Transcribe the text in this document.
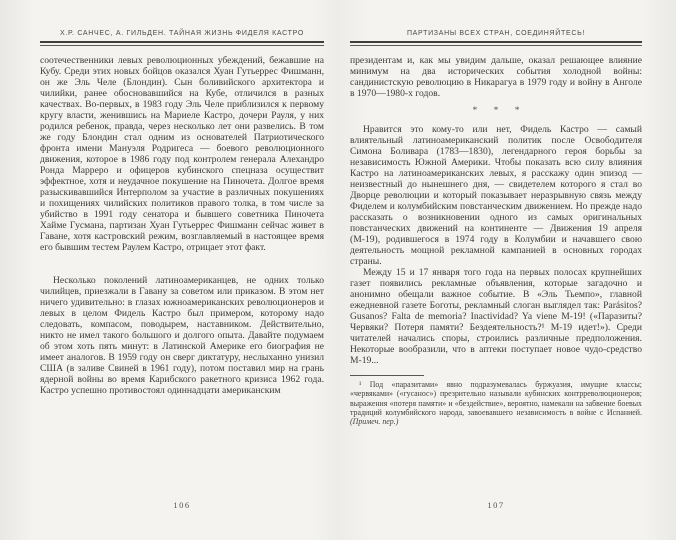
Х.Р. САНЧЕС, А. ГИЛЬДЕН. ТАЙНАЯ ЖИЗНЬ ФИДЕЛЯ КАСТРО

соотечественники левых революционных убеждений, бежавшие на Кубу. Среди этих новых бойцов оказался Хуан Гутьеррес Фишманн, он же Эль Челе (Блондин). Сын боливийского архитектора и чилийки, ранее обосновавшийся на Кубе, отличился в разных качествах. Во-первых, в 1983 году Эль Челе приблизился к первому кругу власти, женившись на Мариеле Кастро, дочери Рауля, у них родился ребенок, правда, через несколько лет они развелись. В том же году Блондин стал одним из основателей Патриотического фронта имени Мануэля Родригеса — боевого революционного движения, которое в 1986 году под контролем генерала Алехандро Ронда Марреро и офицеров кубинского спецназа осуществит эффектное, хотя и неудачное покушение на Пиночета. Долгое время разыскивавшийся Интерполом за участие в различных покушениях и похищениях чилийских политиков правого толка, в том числе за убийство в 1991 году сенатора и бывшего советника Пиночета Хайме Гусмана, партизан Хуан Гутьеррес Фишманн сейчас живет в Гаване, хотя кастровский режим, возглавляемый в настоящее время его бывшим тестем Раулем Кастро, отрицает этот факт.

Несколько поколений латиноамериканцев, не одних только чилийцев, приезжали в Гавану за советом или приказом. В этом нет ничего удивительно: в глазах южноамериканских революционеров и левых в целом Фидель Кастро был примером, которому надо следовать, компасом, поводырем, наставником. Действительно, никто не имел такого большого и долгого опыта. Давайте подумаем об этом хоть пять минут: в Латинской Америке его биография не имеет аналогов. В 1959 году он сверг диктатуру, неслыханно унизил США (в заливе Свиней в 1961 году), потом поставил мир на грань ядерной войны во время Карибского ракетного кризиса 1962 года. Кастро успешно противостоял одиннадцати американским

106
ПАРТИЗАНЫ ВСЕХ СТРАН, СОЕДИНЯЙТЕСЬ!

президентам и, как мы увидим дальше, оказал решающее влияние минимум на два исторических события холодной войны: сандинистскую революцию в Никарагуа в 1979 году и войну в Анголе в 1970—1980-х годов.

* * *

Нравится это кому-то или нет, Фидель Кастро — самый влиятельный латиноамериканский политик после Освободителя Симона Боливара (1783—1830), легендарного героя борьбы за независимость Южной Америки. Чтобы показать всю силу влияния Кастро на латиноамериканских левых, я расскажу один эпизод — неизвестный до нынешнего дня, — свидетелем которого я стал во Дворце революции и который показывает неразрывную связь между Фиделем и колумбийским повстанческим движением. Но прежде надо рассказать о возникновении одного из самых оригинальных повстанческих движений на континенте — Движения 19 апреля (М-19), родившегося в 1974 году в Колумбии и начавшего свою деятельность мощной рекламной кампанией в основных городах страны.

Между 15 и 17 января того года на первых полосах крупнейших газет появились рекламные объявления, которые загадочно и анонимно обещали важное событие. В «Эль Тьемпо», главной ежедневной газете Боготы, рекламный слоган выглядел так: Parásitos? Gusanos? Falta de memoria? Inactividad? Ya viene M-19! («Паразиты? Червяки? Потеря памяти? Бездеятельность?¹ М-19 идет!»). Среди читателей начались споры, строились различные предположения. Некоторые вообразили, что в аптеки поступает новое чудо-средство М-19...

¹ Под «паразитами» явно подразумевалась буржуазия, имущие классы; «червяками» («гусанос») презрительно называли кубинских контрреволюционеров; выражения «потеря памяти» и «бездействие», вероятно, намекали на забвение боевых традиций колумбийского народа, завоевавшего независимость в войне с Испанией. (Примеч. пер.)

107
